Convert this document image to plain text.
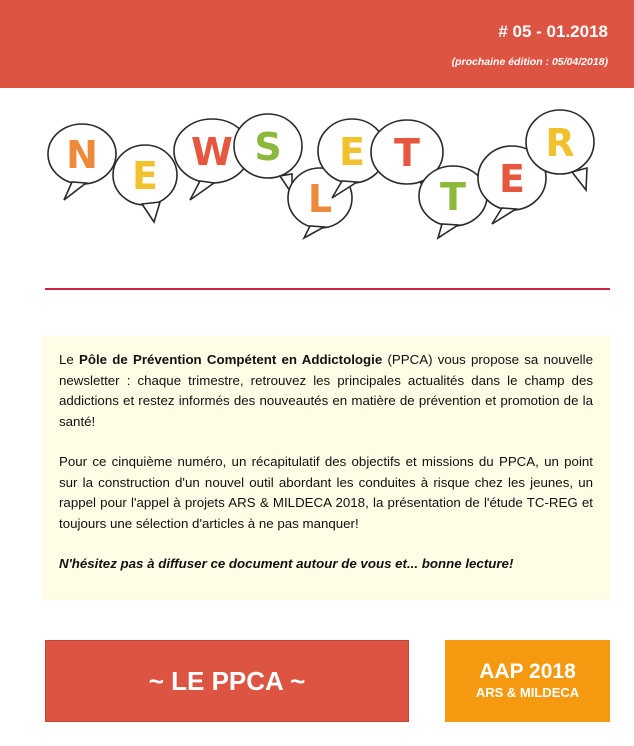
# 05 - 01.2018
(prochaine édition : 05/04/2018)
N E
W S
L
E T
T E
R

Le Pôle de Prévention Compétent en Addictologie (PPCA) vous propose sa nouvelle newsletter : chaque trimestre, retrouvez les principales actualités dans le champ des addictions et restez informés des nouveautés en matière de prévention et promotion de la santé!

Pour ce cinquième numéro, un récapitulatif des objectifs et missions du PPCA, un point sur la construction d'un nouvel outil abordant les conduites à risque chez les jeunes, un rappel pour l'appel à projets ARS & MILDECA 2018, la présentation de l'étude TC-REG et toujours une sélection d'articles à ne pas manquer!

N'hésitez pas à diffuser ce document autour de vous et... bonne lecture!

~ LE PPCA ~	AAP 2018
ARS & MILDECA
